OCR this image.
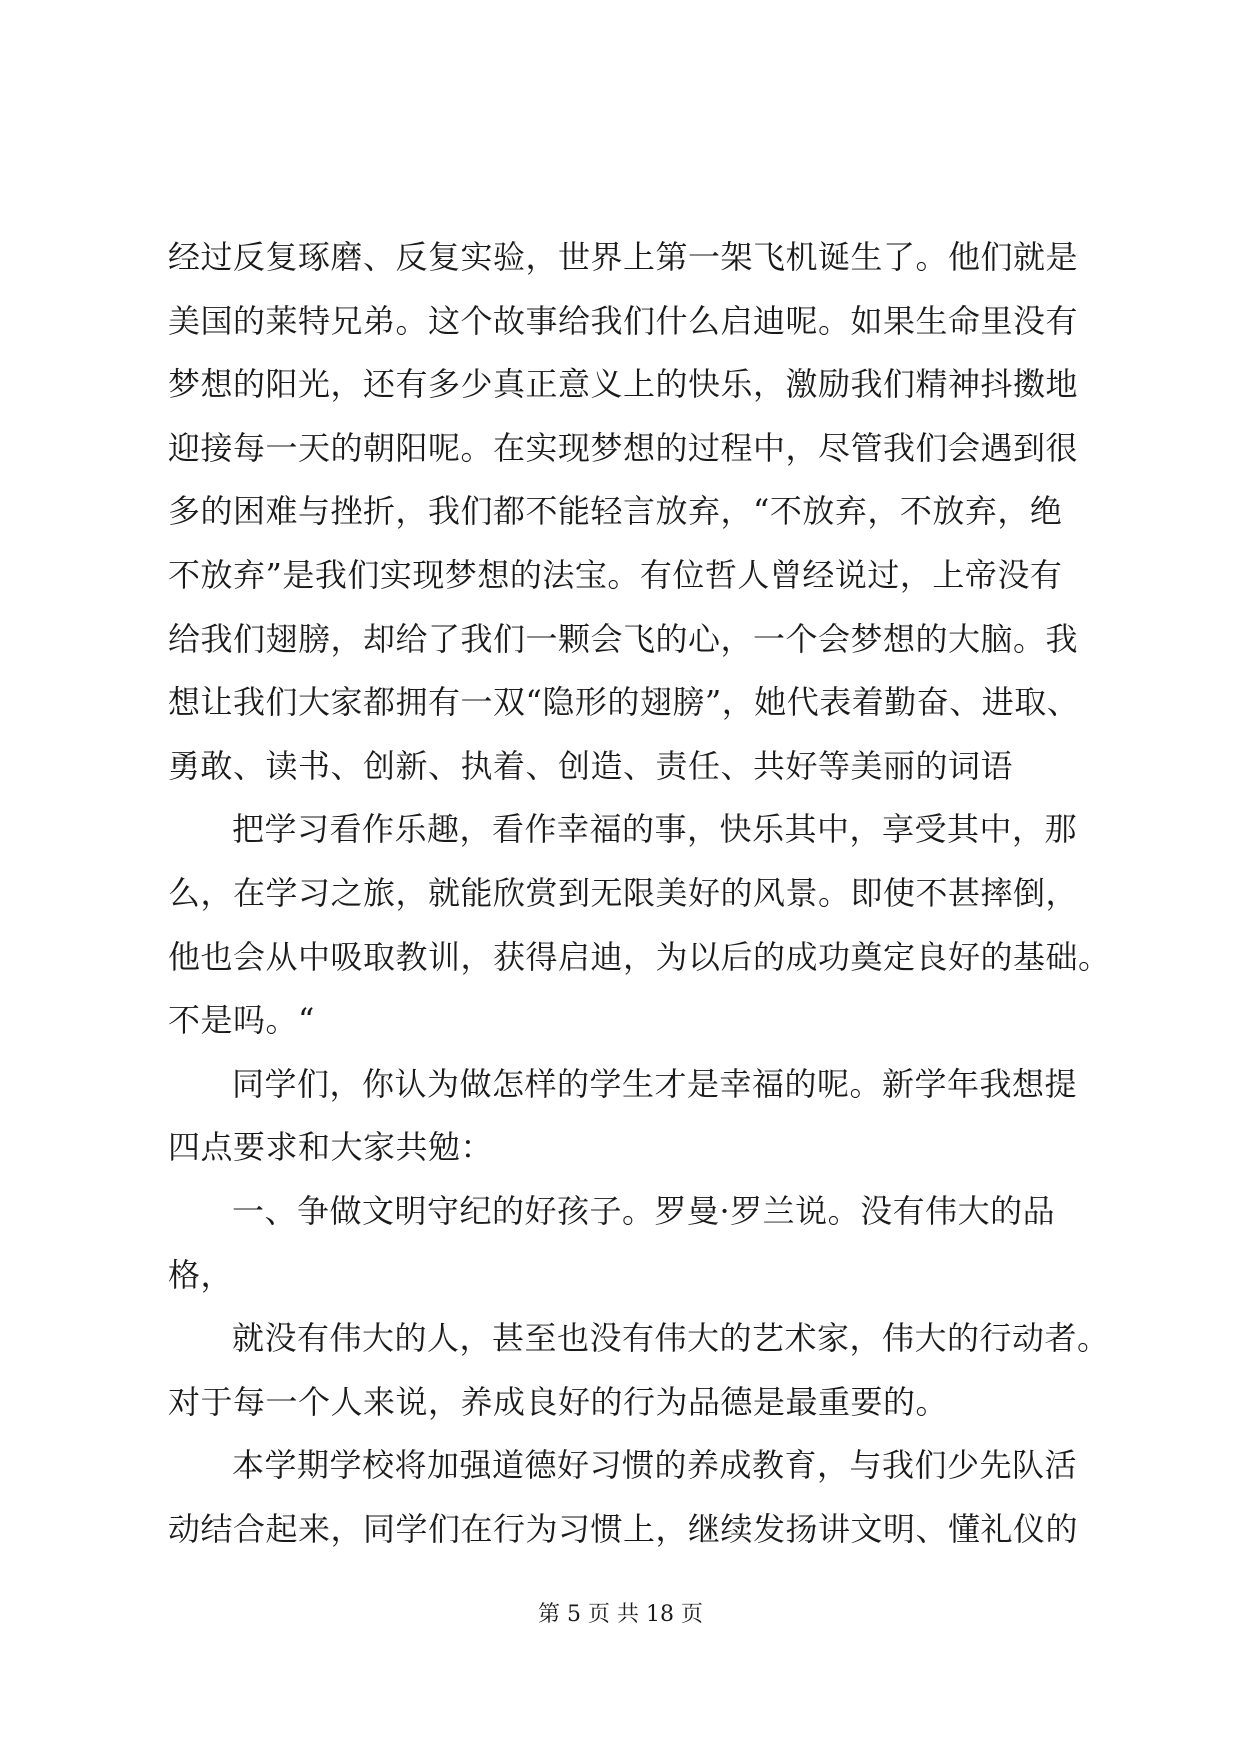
经过反复琢磨、反复实验，世界上第一架飞机诞生了。他们就是
美国的莱特兄弟。这个故事给我们什么启迪呢。如果生命里没有
梦想的阳光，还有多少真正意义上的快乐，激励我们精神抖擞地
迎接每一天的朝阳呢。在实现梦想的过程中，尽管我们会遇到很
多的困难与挫折，我们都不能轻言放弃，“不放弃，不放弃，绝
不放弃”是我们实现梦想的法宝。有位哲人曾经说过，上帝没有
给我们翅膀，却给了我们一颗会飞的心，一个会梦想的大脑。我
想让我们大家都拥有一双“隐形的翅膀”，她代表着勤奋、进取、
勇敢、读书、创新、执着、创造、责任、共好等美丽的词语
把学习看作乐趣，看作幸福的事，快乐其中，享受其中，那
么，在学习之旅，就能欣赏到无限美好的风景。即使不甚摔倒，
他也会从中吸取教训，获得启迪，为以后的成功奠定良好的基础。
不是吗。“
同学们，你认为做怎样的学生才是幸福的呢。新学年我想提
四点要求和大家共勉：
一、争做文明守纪的好孩子。罗曼·罗兰说。没有伟大的品
格，
就没有伟大的人，甚至也没有伟大的艺术家，伟大的行动者。
对于每一个人来说，养成良好的行为品德是最重要的。
本学期学校将加强道德好习惯的养成教育，与我们少先队活
动结合起来，同学们在行为习惯上，继续发扬讲文明、懂礼仪的
第 5 页 共 18 页
